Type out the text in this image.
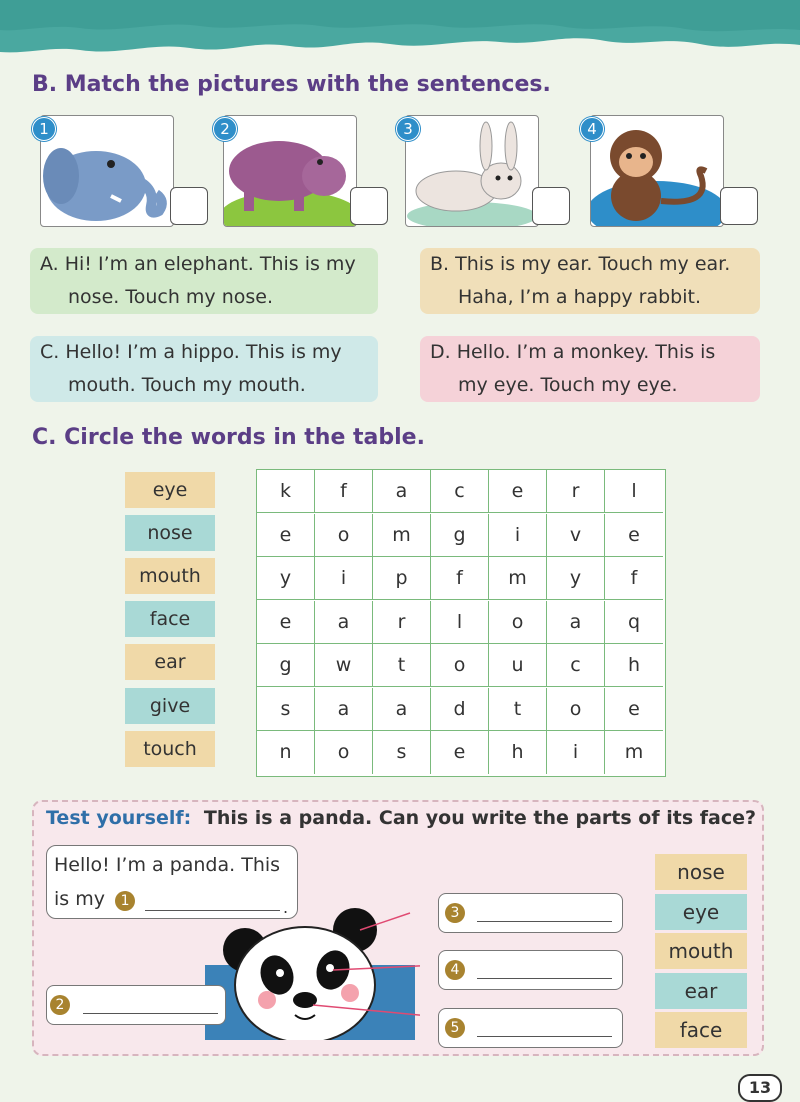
B. Match the pictures with the sentences.
1	2	3	4
A. Hi! I’m an elephant. This is my
nose. Touch my nose.
B. This is my ear. Touch my ear.
Haha, I’m a happy rabbit.
C. Hello! I’m a hippo. This is my
mouth. Touch my mouth.
D. Hello. I’m a monkey. This is
my eye. Touch my eye.
C. Circle the words in the table.
eye
nose
mouth
face
ear
give
touch
k	f	a	c	e	r	l
e	o	m	g	i	v	e
y	i	p	f	m	y	f
e	a	r	l	o	a	q
g	w	t	o	u	c	h
s	a	a	d	t	o	e
n	o	s	e	h	i	m
Test yourself: This is a panda. Can you write the parts of its face?
Hello! I’m a panda. This
is my 1	.
2
3
4
5
nose
eye
mouth
ear
face
13
